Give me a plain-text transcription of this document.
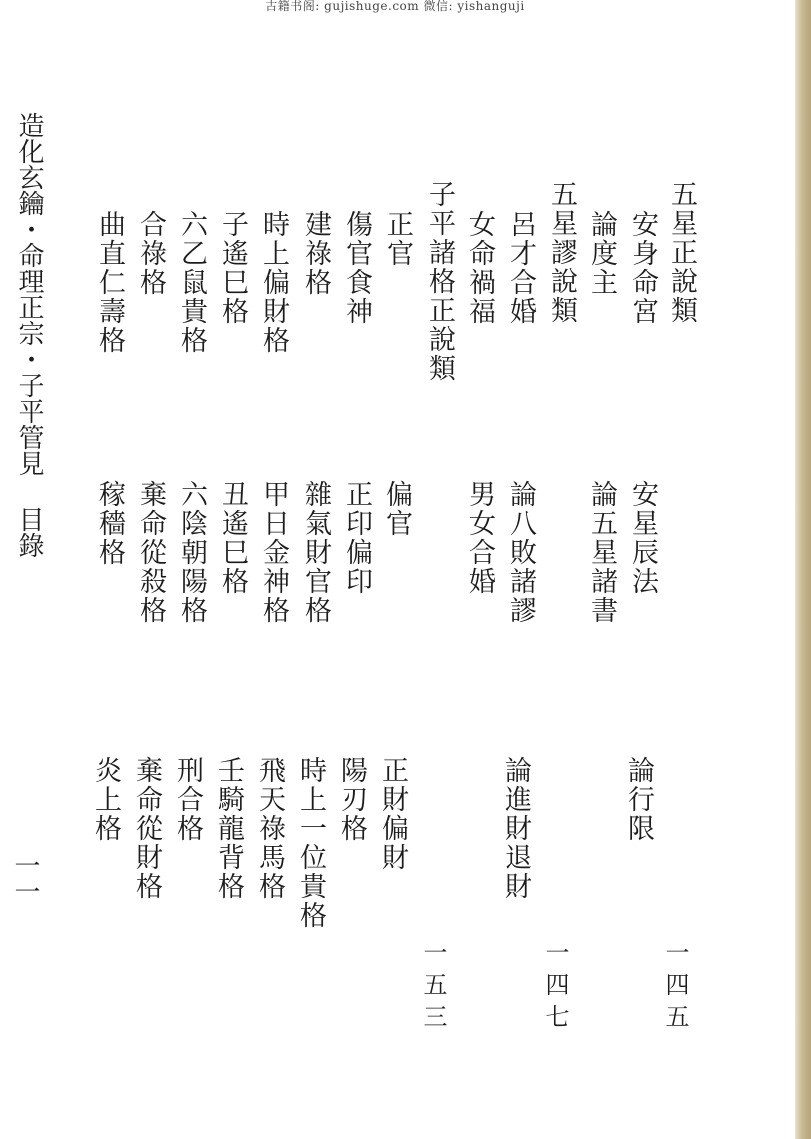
古籍书阁: gujishuge.com 微信: yishanguji
造化玄鑰・命理正宗・子平管見 目錄
一一
五星正說類
安身命宮
安星辰法
論行限
論度主
論五星諸書
五星謬說類
呂才合婚
論八敗諸謬
論進財退財
女命禍福
男女合婚
子平諸格正說類
正官
偏官
正財偏財
傷官食神
正印偏印
陽刃格
建祿格
雜氣財官格
時上一位貴格
時上偏財格
甲日金神格
飛天祿馬格
子遙巳格
丑遙巳格
壬騎龍背格
六乙鼠貴格
六陰朝陽格
刑合格
合祿格
棄命從殺格
棄命從財格
曲直仁壽格
稼穡格
炎上格
一四五
一四七
一五三
